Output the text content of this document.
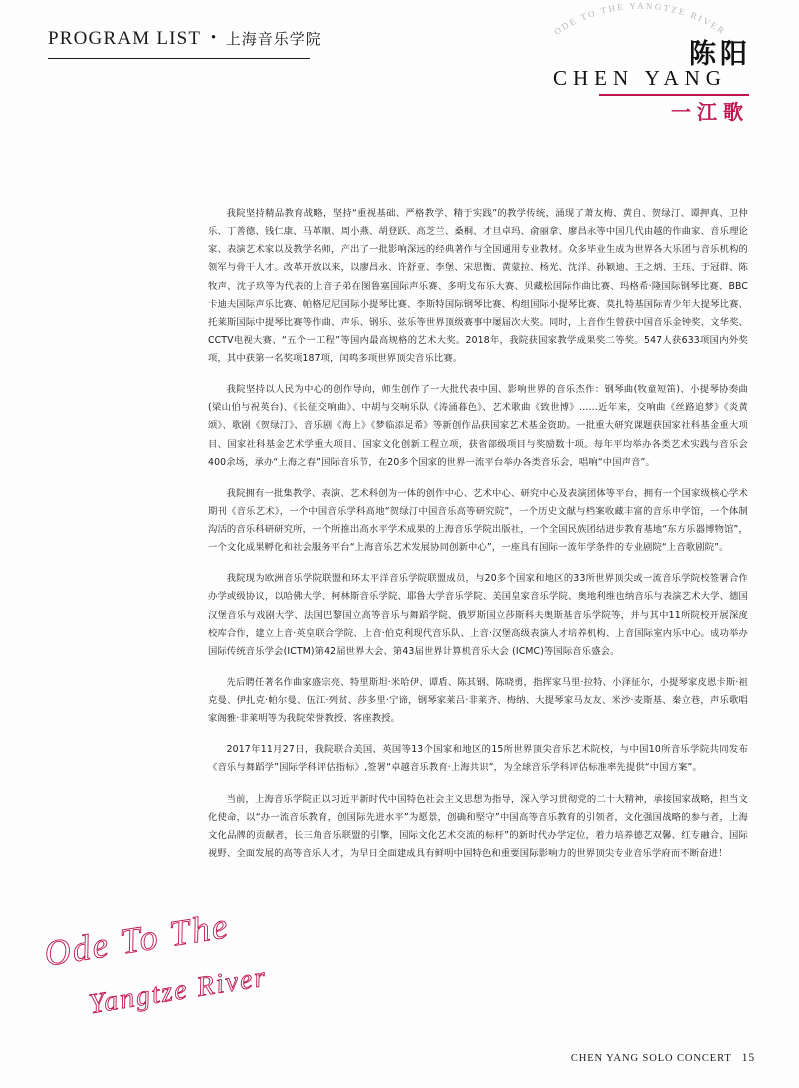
PROGRAM LIST • 上海音乐学院	ODE TO THE YANGTZE RIVER
陈阳
CHEN YANG
一江歌

我院坚持精品教育战略，坚持“重视基础、严格教学、精于实践”的教学传统，涌现了萧友梅、黄自、贺绿汀、谭押真、卫仲乐、丁善德、钱仁康、马革顺、周小燕、胡登跃、高芝兰、桑桐、才旦卓玛、俞丽拿、廖昌永等中国几代由越的作曲家、音乐理论家、表演艺术家以及教学名师，产出了一批影响深远的经典著作与全国通用专业教材。众多毕业生成为世界各大乐团与音乐机构的领军与骨干人才。改革开放以来，以廖昌永、许舒亚、李堡、宋思衡、黄蒙拉、杨光、沈洋、孙颖迪、王之炳、王珏、于冠群、陈牧声、沈子玖等为代表的上音子弟在图鲁塞国际声乐赛、多明戈布乐大赛、贝藏松国际作曲比赛、玛格希·隆国际钢琴比赛、BBC卡迪夫国际声乐比赛、帕格尼尼国际小提琴比赛、李斯特国际钢琴比赛、构组国际小提琴比赛、莫扎特基国际青少年大提琴比赛、托莱斯国际中提琴比赛等作曲、声乐、钢乐、弦乐等世界顶级赛事中屡届次大奖。同时，上音作生曾获中国音乐金钟奖、文华奖、CCTV电视大赛、“五个一工程”等国内最高规格的艺术大奖。2018年，我院获国家教学成果奖二等奖。547人获633项国内外奖项，其中获第一名奖项187项，闰鸣多项世界顶尖音乐比赛。

我院坚持以人民为中心的创作导向，师生创作了一大批代表中国、影响世界的音乐杰作：钢琴曲(牧童短笛)、小提琴协奏曲(梁山伯与祝英台)、《长征交响曲》、中胡与交响乐队《涛涌暮色》、艺术歌曲《致世博》……近年来，交响曲《丝路追梦》《炎黄颂》、歌剧《贺绿汀》、音乐剧《海上》《梦临添足希》等新创作品获国家艺术基金资助。一批重大研究课题获国家社科基金重大项目、国家社科基金艺术学重大项目、国家文化创新工程立项，获省部级项目与奖励数十项。每年平均举办各类艺术实践与音乐会400余场，承办“上海之春”国际音乐节，在20多个国家的世界一流平台举办各类音乐会，唱响“中国声音”。

我院拥有一批集教学、表演、艺术科创为一体的创作中心、艺术中心、研究中心及表演团体等平台，拥有一个国家级核心学术期刊《音乐艺术》，一个中国音乐学科高地“贺绿汀中国音乐高等研究院”，一个历史文献与档案收藏丰富的音乐申学馆，一个体制沟活的音乐科研研究所，一个所推出高水平学术成果的上海音乐学院出版社，一个全国民族团结进步教育基地“东方乐器博物馆”，一个文化成果孵化和社会服务平台“上海音乐艺术发展协同创新中心”，一座具有国际一流年学条件的专业剧院“上音歌剧院”。

我院现为欧洲音乐学院联盟和环太平洋音乐学院联盟成员，与20多个国家和地区的33所世界顶尖或一流音乐学院校签署合作办学或级协议，以哈佛大学、柯林斯音乐学院、耶鲁大学音乐学院、美国皇家音乐学院、奥地利维也纳音乐与表演艺术大学、德国汉堡音乐与戏剧大学、法国巴黎国立高等音乐与舞蹈学院、俄罗斯国立莎斯科夫奥斯基音乐学院等，并与其中11所院校开展深度校库合作，建立上音·英皇联合学院、上音·伯克利现代音乐队、上音·汉堡高级表演人才培养机构、上音国际室内乐中心。成功举办国际传统音乐学会(ICTM)第42届世界大会、第43届世界计算机音乐大会 (ICMC)等国际音乐盛会。

先后聘任著名作曲家盛宗亮、特里斯坦·米哈伊、谭盾、陈其钢、陈晓勇，指挥家马里·拉特、小泽征尔，小提琴家皮恩卡斯·祖克曼、伊扎克·帕尔曼、伍江·列贫、莎多里·宁谛，钢琴家莱吕·非莱齐、梅纳、大提琴家马友友、米沙·麦斯基、秦立巷，声乐歌唱家阁雅·非莱明等为我院荣誉教授、客座教授。

2017年11月27日，我院联合美国、英国等13个国家和地区的15所世界顶尖音乐艺术院校，与中国10所音乐学院共同发布《音乐与舞蹈学”国际学科评估指标》,签署“卓越音乐教育·上海共识”，为全球音乐学科评估标准率先提供“中国方案”。

当前，上海音乐学院正以习近平新时代中国特色社会主义思想为指导，深入学习贯彻党的二十大精神，承接国家战略，担当文化使命，以“办一流音乐教育，创国际先进水平”为愿景，创确和堅守”中国高等音乐教育的引领者，文化强国战略的参与者，上海文化品牌的贡献者，长三角音乐联盟的引擎，国际文化艺术交流的标杆”的新时代办学定位，着力培养德艺双馨、红专融合、国际视野、全面发展的高等音乐人才，为早日全面建成具有鲜明中国特色和重要国际影响力的世界顶尖专业音乐学府而不断奋进！

Ode To The
Yangtze River
CHEN YANG SOLO CONCERT 15
